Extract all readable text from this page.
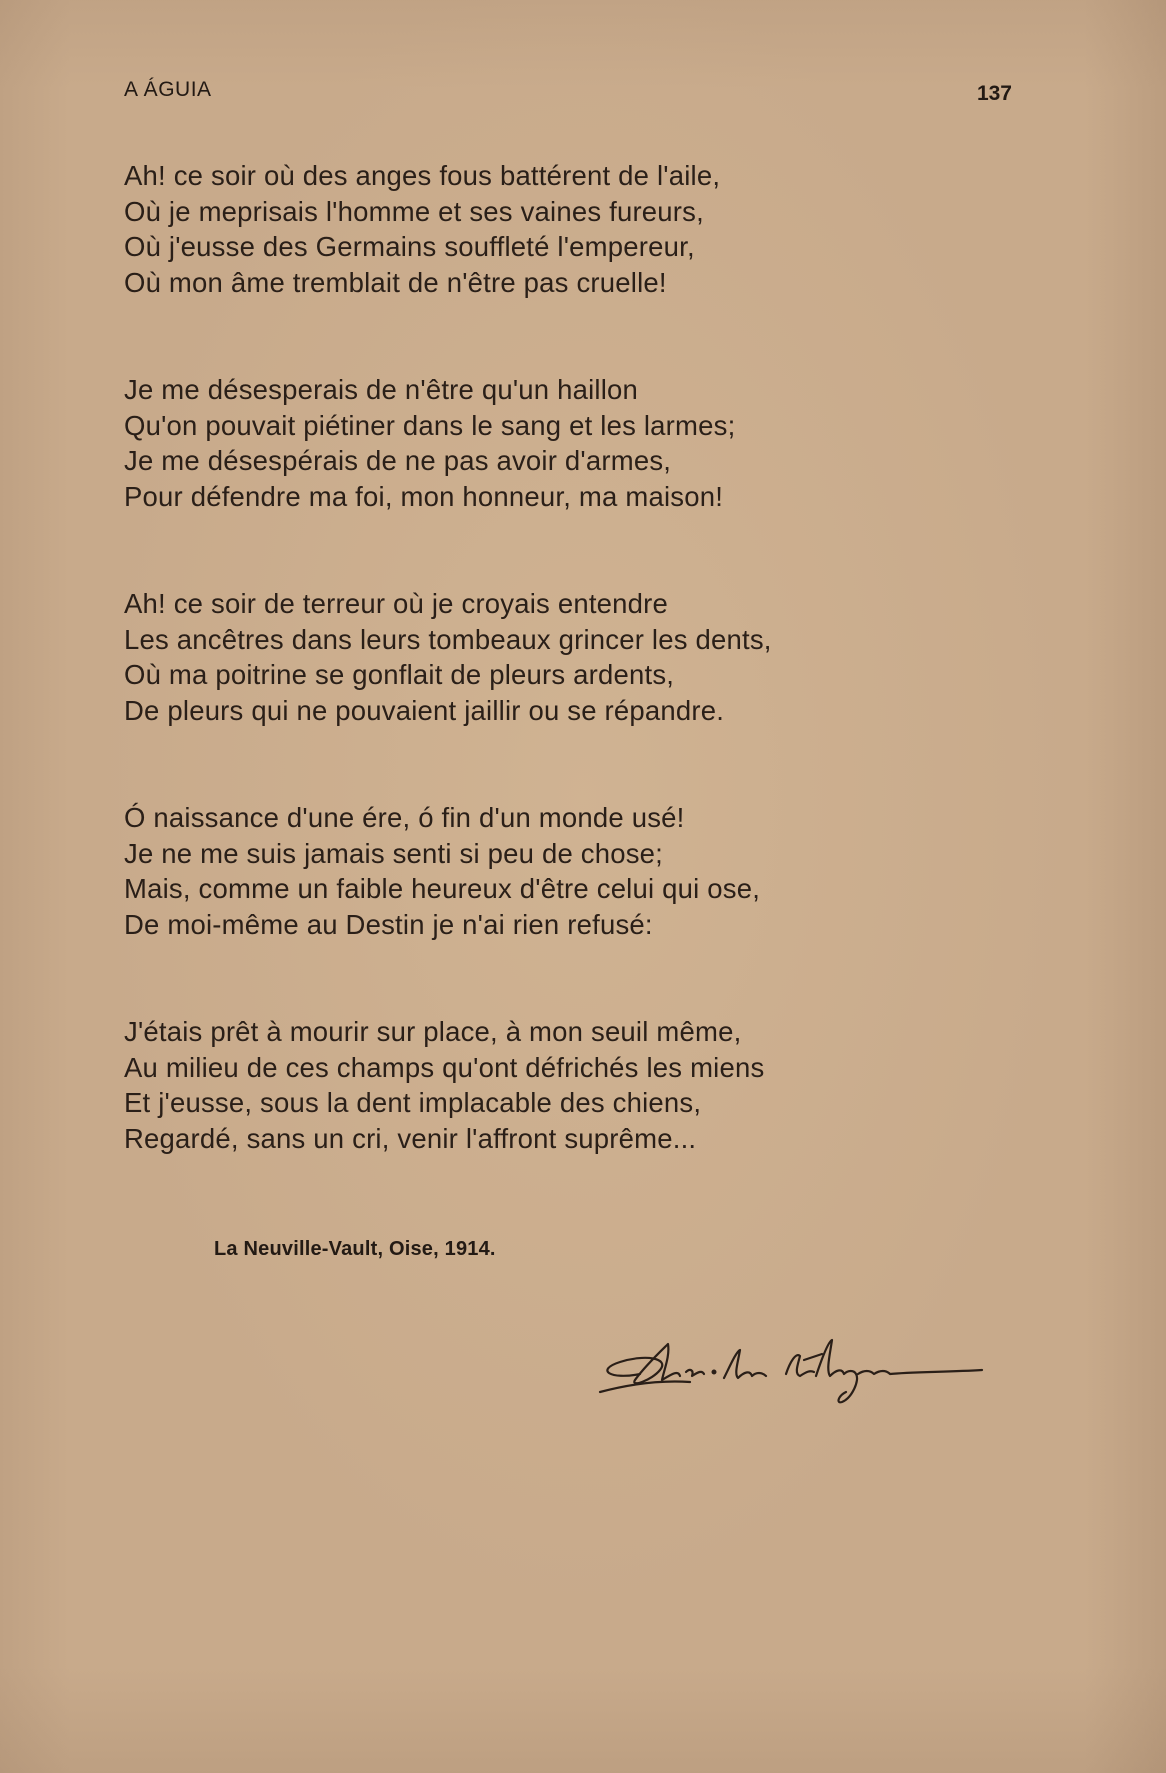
A ÁGUIA	137
Ah! ce soir où des anges fous battérent de l'aile,
Où je meprisais l'homme et ses vaines fureurs,
Où j'eusse des Germains souffleté l'empereur,
Où mon âme tremblait de n'être pas cruelle!
Je me désesperais de n'être qu'un haillon
Qu'on pouvait piétiner dans le sang et les larmes;
Je me désespérais de ne pas avoir d'armes,
Pour défendre ma foi, mon honneur, ma maison!
Ah! ce soir de terreur où je croyais entendre
Les ancêtres dans leurs tombeaux grincer les dents,
Où ma poitrine se gonflait de pleurs ardents,
De pleurs qui ne pouvaient jaillir ou se répandre.
Ó naissance d'une ére, ó fin d'un monde usé!
Je ne me suis jamais senti si peu de chose;
Mais, comme un faible heureux d'être celui qui ose,
De moi-même au Destin je n'ai rien refusé:
J'étais prêt à mourir sur place, à mon seuil même,
Au milieu de ces champs qu'ont défrichés les miens
Et j'eusse, sous la dent implacable des chiens,
Regardé, sans un cri, venir l'affront suprême...
La Neuville-Vault, Oise, 1914.
